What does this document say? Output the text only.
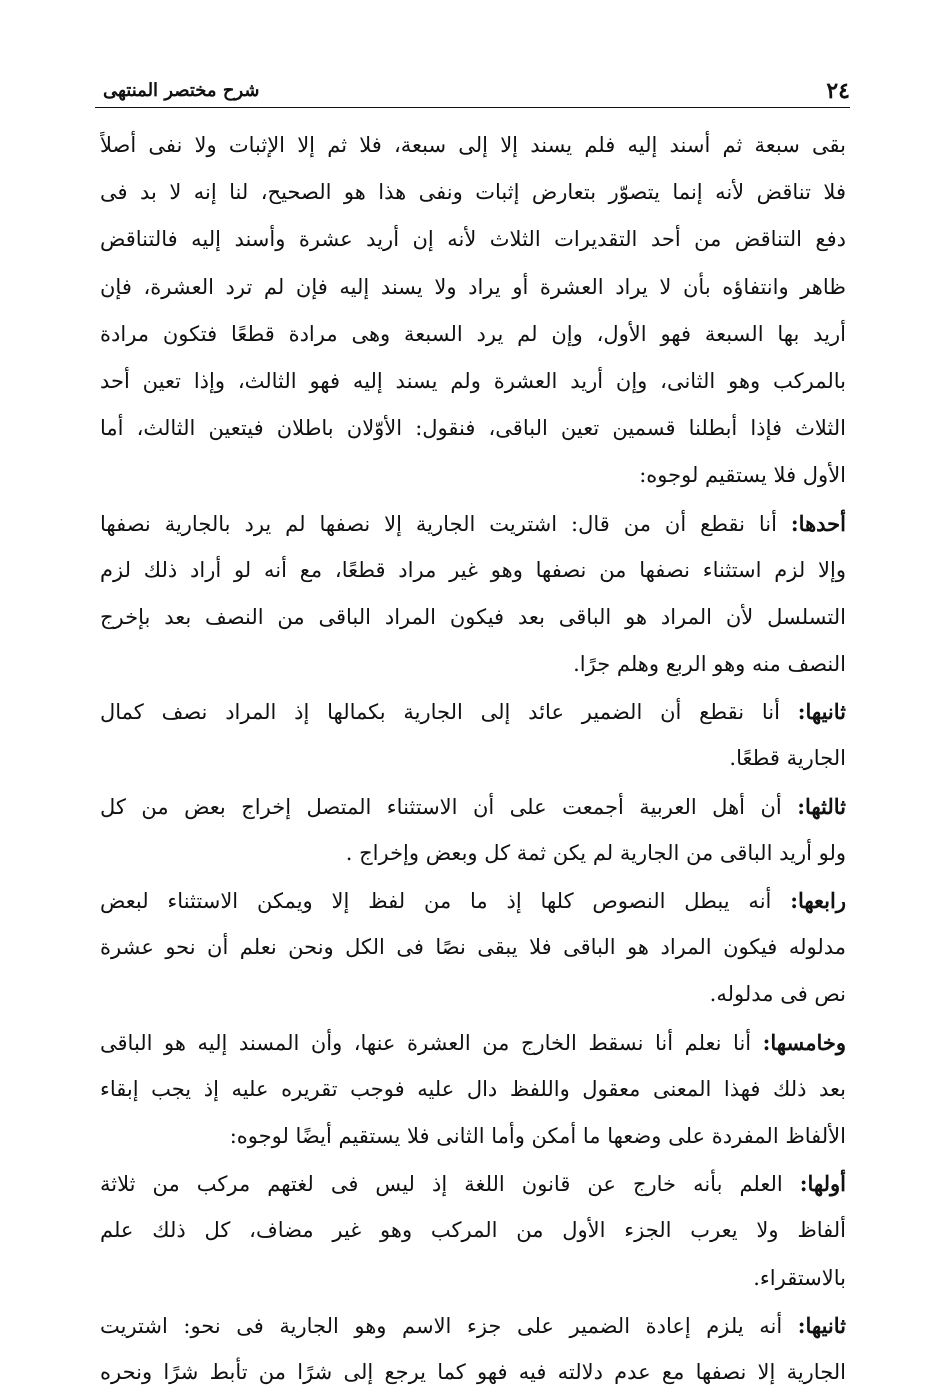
٢٤
شرح مختصر المنتهى
بقى سبعة ثم أسند إليه فلم يسند إلا إلى سبعة، فلا ثم إلا الإثبات ولا نفى أصلاً
فلا تناقض لأنه إنما يتصوّر بتعارض إثبات ونفى هذا هو الصحيح، لنا إنه لا بد فى
دفع التناقض من أحد التقديرات الثلاث لأنه إن أريد عشرة وأسند إليه فالتناقض
ظاهر وانتفاؤه بأن لا يراد العشرة أو يراد ولا يسند إليه فإن لم ترد العشرة، فإن
أريد بها السبعة فهو الأول، وإن لم يرد السبعة وهى مرادة قطعًا فتكون مرادة
بالمركب وهو الثانى، وإن أريد العشرة ولم يسند إليه فهو الثالث، وإذا تعين أحد
الثلاث فإذا أبطلنا قسمين تعين الباقى، فنقول: الأوّلان باطلان فيتعين الثالث، أما
الأول فلا يستقيم لوجوه:
أحدها: أنا نقطع أن من قال: اشتريت الجارية إلا نصفها لم يرد بالجارية نصفها
وإلا لزم استثناء نصفها من نصفها وهو غير مراد قطعًا، مع أنه لو أراد ذلك لزم
التسلسل لأن المراد هو الباقى بعد فيكون المراد الباقى من النصف بعد بإخرج
النصف منه وهو الربع وهلم جرًا.
ثانيها: أنا نقطع أن الضمير عائد إلى الجارية بكمالها إذ المراد نصف كمال
الجارية قطعًا.
ثالثها: أن أهل العربية أجمعت على أن الاستثناء المتصل إخراج بعض من كل
ولو أريد الباقى من الجارية لم يكن ثمة كل وبعض وإخراج .
رابعها: أنه يبطل النصوص كلها إذ ما من لفظ إلا ويمكن الاستثناء لبعض
مدلوله فيكون المراد هو الباقى فلا يبقى نصًا فى الكل ونحن نعلم أن نحو عشرة
نص فى مدلوله.
وخامسها: أنا نعلم أنا نسقط الخارج من العشرة عنها، وأن المسند إليه هو الباقى
بعد ذلك فهذا المعنى معقول واللفظ دال عليه فوجب تقريره عليه إذ يجب إبقاء
الألفاظ المفردة على وضعها ما أمكن وأما الثانى فلا يستقيم أيضًا لوجوه:
أولها: العلم بأنه خارج عن قانون اللغة إذ ليس فى لغتهم مركب من ثلاثة
ألفاظ ولا يعرب الجزء الأول من المركب وهو غير مضاف، كل ذلك علم
بالاستقراء.
ثانيها: أنه يلزم إعادة الضمير على جزء الاسم وهو الجارية فى نحو: اشتريت
الجارية إلا نصفها مع عدم دلالته فيه فهو كما يرجع إلى شرًا من تأبط شرًا ونحره
